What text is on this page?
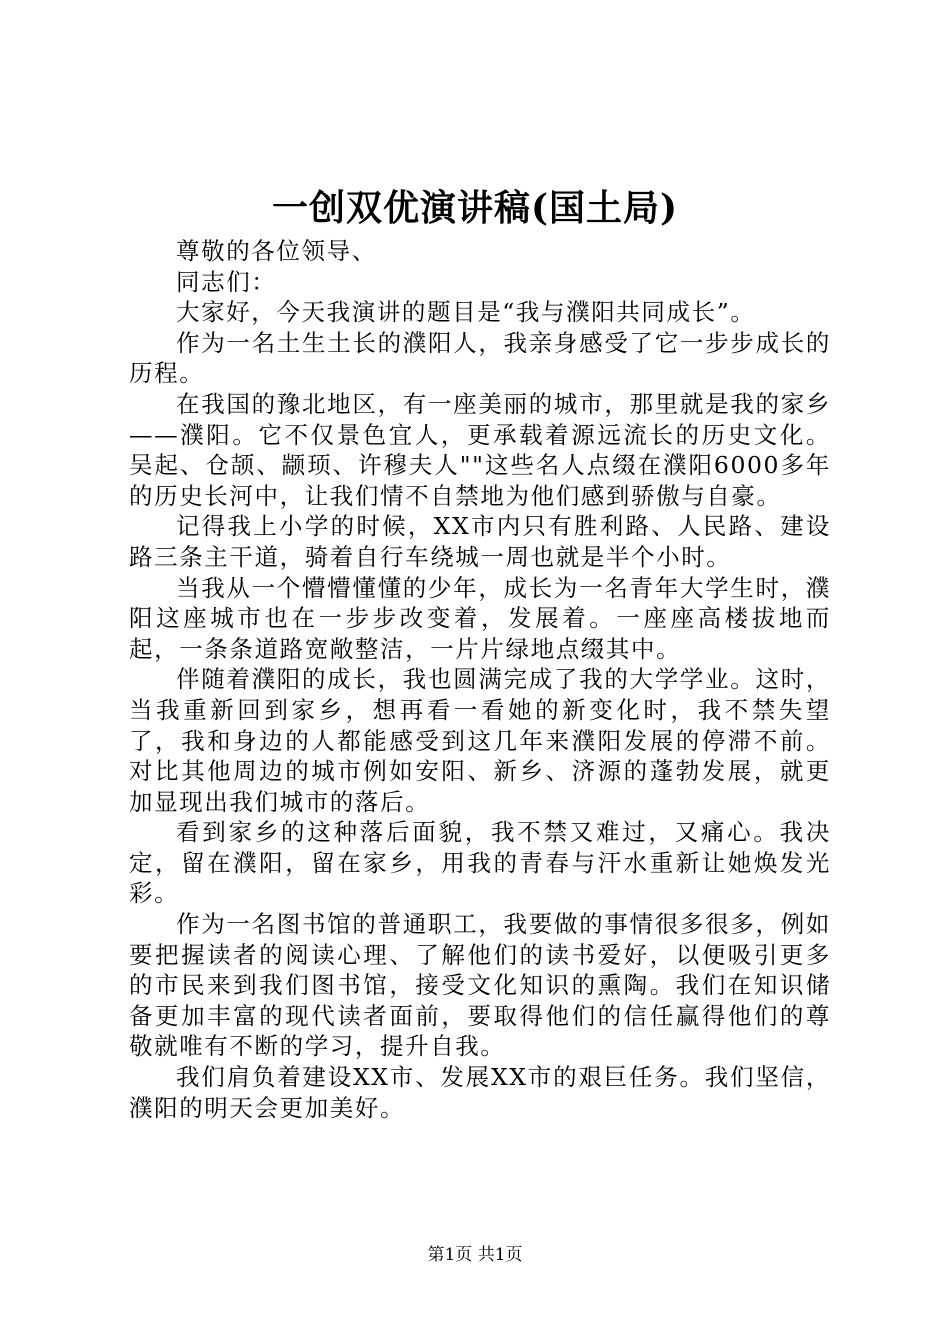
一创双优演讲稿(国土局)

尊敬的各位领导、

同志们：

大家好，今天我演讲的题目是“我与濮阳共同成长”。

作为一名土生土长的濮阳人，我亲身感受了它一步步成长的历程。

在我国的豫北地区，有一座美丽的城市，那里就是我的家乡——濮阳。它不仅景色宜人，更承载着源远流长的历史文化。吴起、仓颉、颛顼、许穆夫人""这些名人点缀在濮阳6000多年的历史长河中，让我们情不自禁地为他们感到骄傲与自豪。

记得我上小学的时候，XX市内只有胜利路、人民路、建设路三条主干道，骑着自行车绕城一周也就是半个小时。

当我从一个懵懵懂懂的少年，成长为一名青年大学生时，濮阳这座城市也在一步步改变着，发展着。一座座高楼拔地而起，一条条道路宽敞整洁，一片片绿地点缀其中。

伴随着濮阳的成长，我也圆满完成了我的大学学业。这时，当我重新回到家乡，想再看一看她的新变化时，我不禁失望了，我和身边的人都能感受到这几年来濮阳发展的停滞不前。对比其他周边的城市例如安阳、新乡、济源的蓬勃发展，就更加显现出我们城市的落后。

看到家乡的这种落后面貌，我不禁又难过，又痛心。我决定，留在濮阳，留在家乡，用我的青春与汗水重新让她焕发光彩。

作为一名图书馆的普通职工，我要做的事情很多很多，例如要把握读者的阅读心理、了解他们的读书爱好，以便吸引更多的市民来到我们图书馆，接受文化知识的熏陶。我们在知识储备更加丰富的现代读者面前，要取得他们的信任赢得他们的尊敬就唯有不断的学习，提升自我。

我们肩负着建设XX市、发展XX市的艰巨任务。我们坚信，濮阳的明天会更加美好。

第1页 共1页
